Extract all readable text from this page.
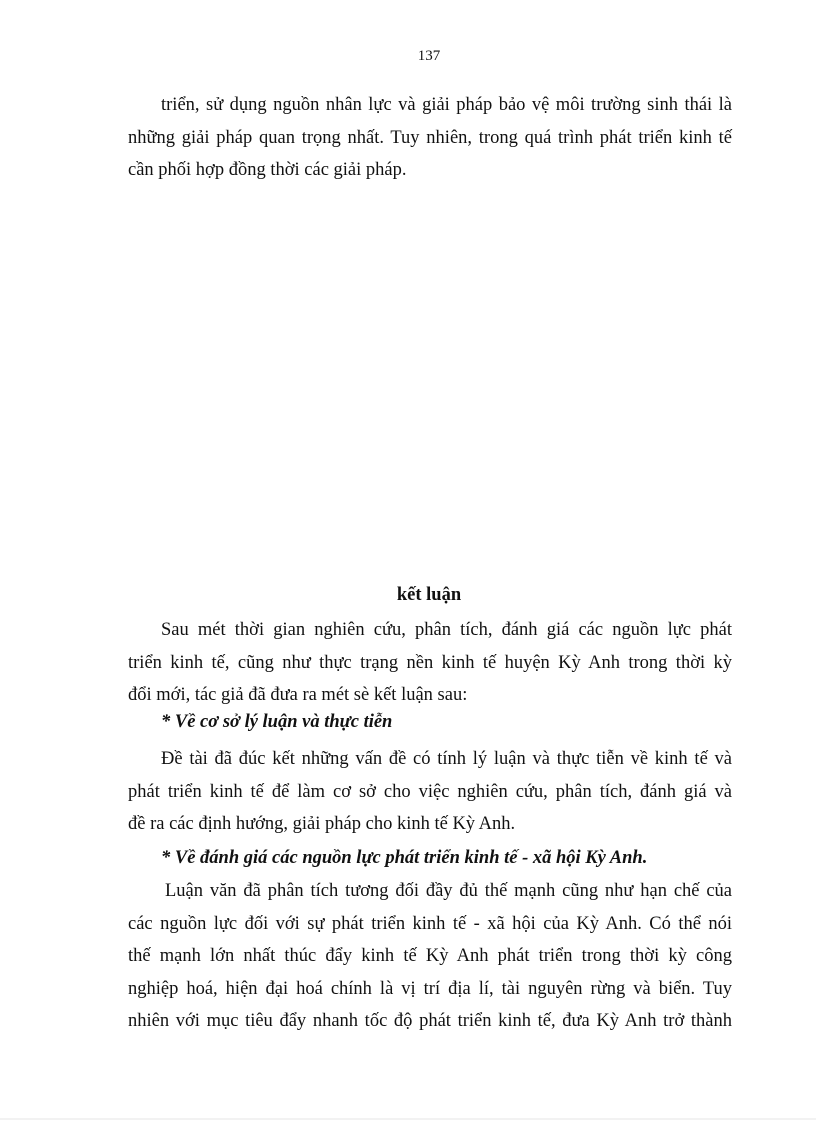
137
triển, sử dụng nguồn nhân lực và giải pháp bảo vệ môi trường sinh thái là
những giải pháp quan trọng nhất. Tuy nhiên, trong quá trình phát triển kinh tế
cần phối hợp đồng thời các giải pháp.
kết luận
Sau mét thời gian nghiên cứu, phân tích, đánh giá các nguồn lực phát
triển kinh tế, cũng như thực trạng nền kinh tế huyện Kỳ Anh trong thời kỳ
đổi mới, tác giả đã đưa ra mét sè kết luận sau:
* Về cơ sở lý luận và thực tiễn
Đề tài đã đúc kết những vấn đề có tính lý luận và thực tiễn về kinh tế và
phát triển kinh tế để làm cơ sở cho việc nghiên cứu, phân tích, đánh giá và
đề ra các định hướng, giải pháp cho kinh tế Kỳ Anh.
* Về đánh giá các nguồn lực phát triển kinh tế - xã hội Kỳ Anh.
Luận văn đã phân tích tương đối đầy đủ thế mạnh cũng như hạn chế của
các nguồn lực đối với sự phát triển kinh tế - xã hội của Kỳ Anh. Có thể nói
thế mạnh lớn nhất thúc đẩy kinh tế Kỳ Anh phát triển trong thời kỳ công
nghiệp hoá, hiện đại hoá chính là vị trí địa lí, tài nguyên rừng và biển. Tuy
nhiên với mục tiêu đẩy nhanh tốc độ phát triển kinh tế, đưa Kỳ Anh trở thành
